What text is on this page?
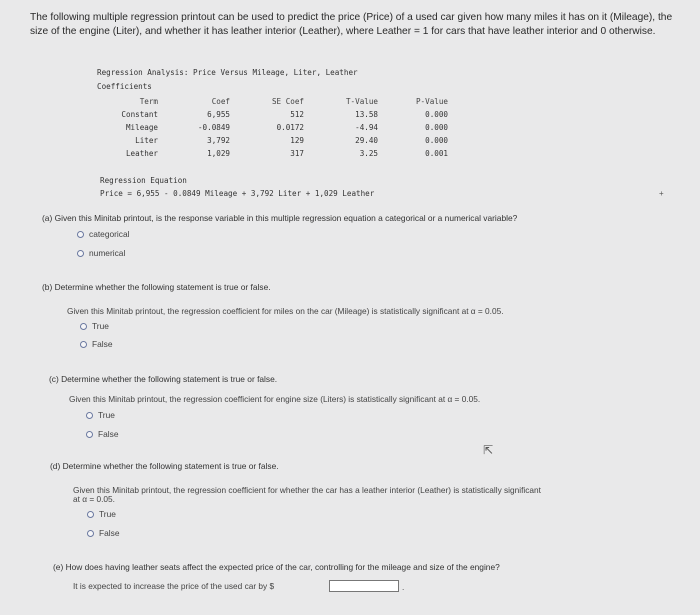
The following multiple regression printout can be used to predict the price (Price) of a used car given how many miles it has on it (Mileage), the size of the engine (Liter), and whether it has leather interior (Leather), where Leather = 1 for cars that have leather interior and 0 otherwise.
Regression Analysis: Price Versus Mileage, Liter, Leather
Coefficients
Term	Coef	SE Coef	T-Value	P-Value
Constant	6,955	512	13.58	0.000
Mileage	-0.0849	0.0172	-4.94	0.000
Liter	3,792	129	29.40	0.000
Leather	1,029	317	3.25	0.001
Regression Equation
Price = 6,955 - 0.0849 Mileage + 3,792 Liter + 1,029 Leather	+
(a) Given this Minitab printout, is the response variable in this multiple regression equation a categorical or a numerical variable?
categorical
numerical
(b) Determine whether the following statement is true or false.
Given this Minitab printout, the regression coefficient for miles on the car (Mileage) is statistically significant at α = 0.05.
True
False
(c) Determine whether the following statement is true or false.
Given this Minitab printout, the regression coefficient for engine size (Liters) is statistically significant at α = 0.05.
True
False
⇱
(d) Determine whether the following statement is true or false.
Given this Minitab printout, the regression coefficient for whether the car has a leather interior (Leather) is statistically significant
at α = 0.05.
True
False
(e) How does having leather seats affect the expected price of the car, controlling for the mileage and size of the engine?
It is expected to increase the price of the used car by $	.
